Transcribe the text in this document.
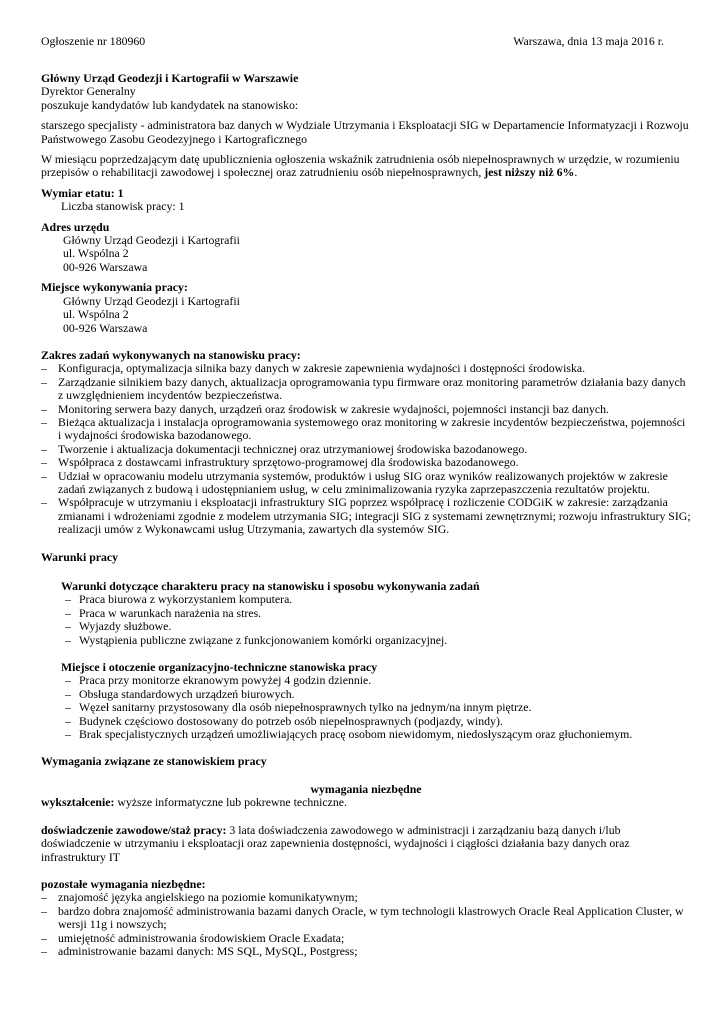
Ogłoszenie nr 180960	Warszawa, dnia 13 maja 2016 r.
Główny Urząd Geodezji i Kartografii w Warszawie
Dyrektor Generalny
poszukuje kandydatów lub kandydatek na stanowisko:
starszego specjalisty - administratora baz danych w Wydziale Utrzymania i Eksploatacji SIG w Departamencie Informatyzacji i Rozwoju Państwowego Zasobu Geodezyjnego i Kartograficznego
W miesiącu poprzedzającym datę upublicznienia ogłoszenia wskaźnik zatrudnienia osób niepełnosprawnych w urzędzie, w rozumieniu przepisów o rehabilitacji zawodowej i społecznej oraz zatrudnieniu osób niepełnosprawnych, jest niższy niż 6%.
Wymiar etatu: 1
Liczba stanowisk pracy: 1
Adres urzędu
Główny Urząd Geodezji i Kartografii
ul. Wspólna 2
00-926 Warszawa
Miejsce wykonywania pracy:
Główny Urząd Geodezji i Kartografii
ul. Wspólna 2
00-926 Warszawa
Zakres zadań wykonywanych na stanowisku pracy:
– Konfiguracja, optymalizacja silnika bazy danych w zakresie zapewnienia wydajności i dostępności środowiska.
– Zarządzanie silnikiem bazy danych, aktualizacja oprogramowania typu firmware oraz monitoring parametrów działania bazy danych z uwzględnieniem incydentów bezpieczeństwa.
– Monitoring serwera bazy danych, urządzeń oraz środowisk w zakresie wydajności, pojemności instancji baz danych.
– Bieżąca aktualizacja i instalacja oprogramowania systemowego oraz monitoring w zakresie incydentów bezpieczeństwa, pojemności i wydajności środowiska bazodanowego.
– Tworzenie i aktualizacja dokumentacji technicznej oraz utrzymaniowej środowiska bazodanowego.
– Współpraca z dostawcami infrastruktury sprzętowo-programowej dla środowiska bazodanowego.
– Udział w opracowaniu modelu utrzymania systemów, produktów i usług SIG oraz wyników realizowanych projektów w zakresie zadań związanych z budową i udostępnianiem usług, w celu zminimalizowania ryzyka zaprzepaszczenia rezultatów projektu.
– Współpracuje w utrzymaniu i eksploatacji infrastruktury SIG poprzez współpracę i rozliczenie CODGiK w zakresie: zarządzania zmianami i wdrożeniami zgodnie z modelem utrzymania SIG; integracji SIG z systemami zewnętrznymi; rozwoju infrastruktury SIG; realizacji umów z Wykonawcami usług Utrzymania, zawartych dla systemów SIG.
Warunki pracy
Warunki dotyczące charakteru pracy na stanowisku i sposobu wykonywania zadań
– Praca biurowa z wykorzystaniem komputera.
– Praca w warunkach narażenia na stres.
– Wyjazdy służbowe.
– Wystąpienia publiczne związane z funkcjonowaniem komórki organizacyjnej.
Miejsce i otoczenie organizacyjno-techniczne stanowiska pracy
– Praca przy monitorze ekranowym powyżej 4 godzin dziennie.
– Obsługa standardowych urządzeń biurowych.
– Węzeł sanitarny przystosowany dla osób niepełnosprawnych tylko na jednym/na innym piętrze.
– Budynek częściowo dostosowany do potrzeb osób niepełnosprawnych (podjazdy, windy).
– Brak specjalistycznych urządzeń umożliwiających pracę osobom niewidomym, niedosłyszącym oraz głuchoniemym.
Wymagania związane ze stanowiskiem pracy
wymagania niezbędne
wykształcenie: wyższe informatyczne lub pokrewne techniczne.
doświadczenie zawodowe/staż pracy: 3 lata doświadczenia zawodowego w administracji i zarządzaniu bazą danych i/lub doświadczenie w utrzymaniu i eksploatacji oraz zapewnienia dostępności, wydajności i ciągłości działania bazy danych oraz infrastruktury IT
pozostałe wymagania niezbędne:
– znajomość języka angielskiego na poziomie komunikatywnym;
– bardzo dobra znajomość administrowania bazami danych Oracle, w tym technologii klastrowych Oracle Real Application Cluster, w wersji 11g i nowszych;
– umiejętność administrowania środowiskiem Oracle Exadata;
– administrowanie bazami danych: MS SQL, MySQL, Postgress;
